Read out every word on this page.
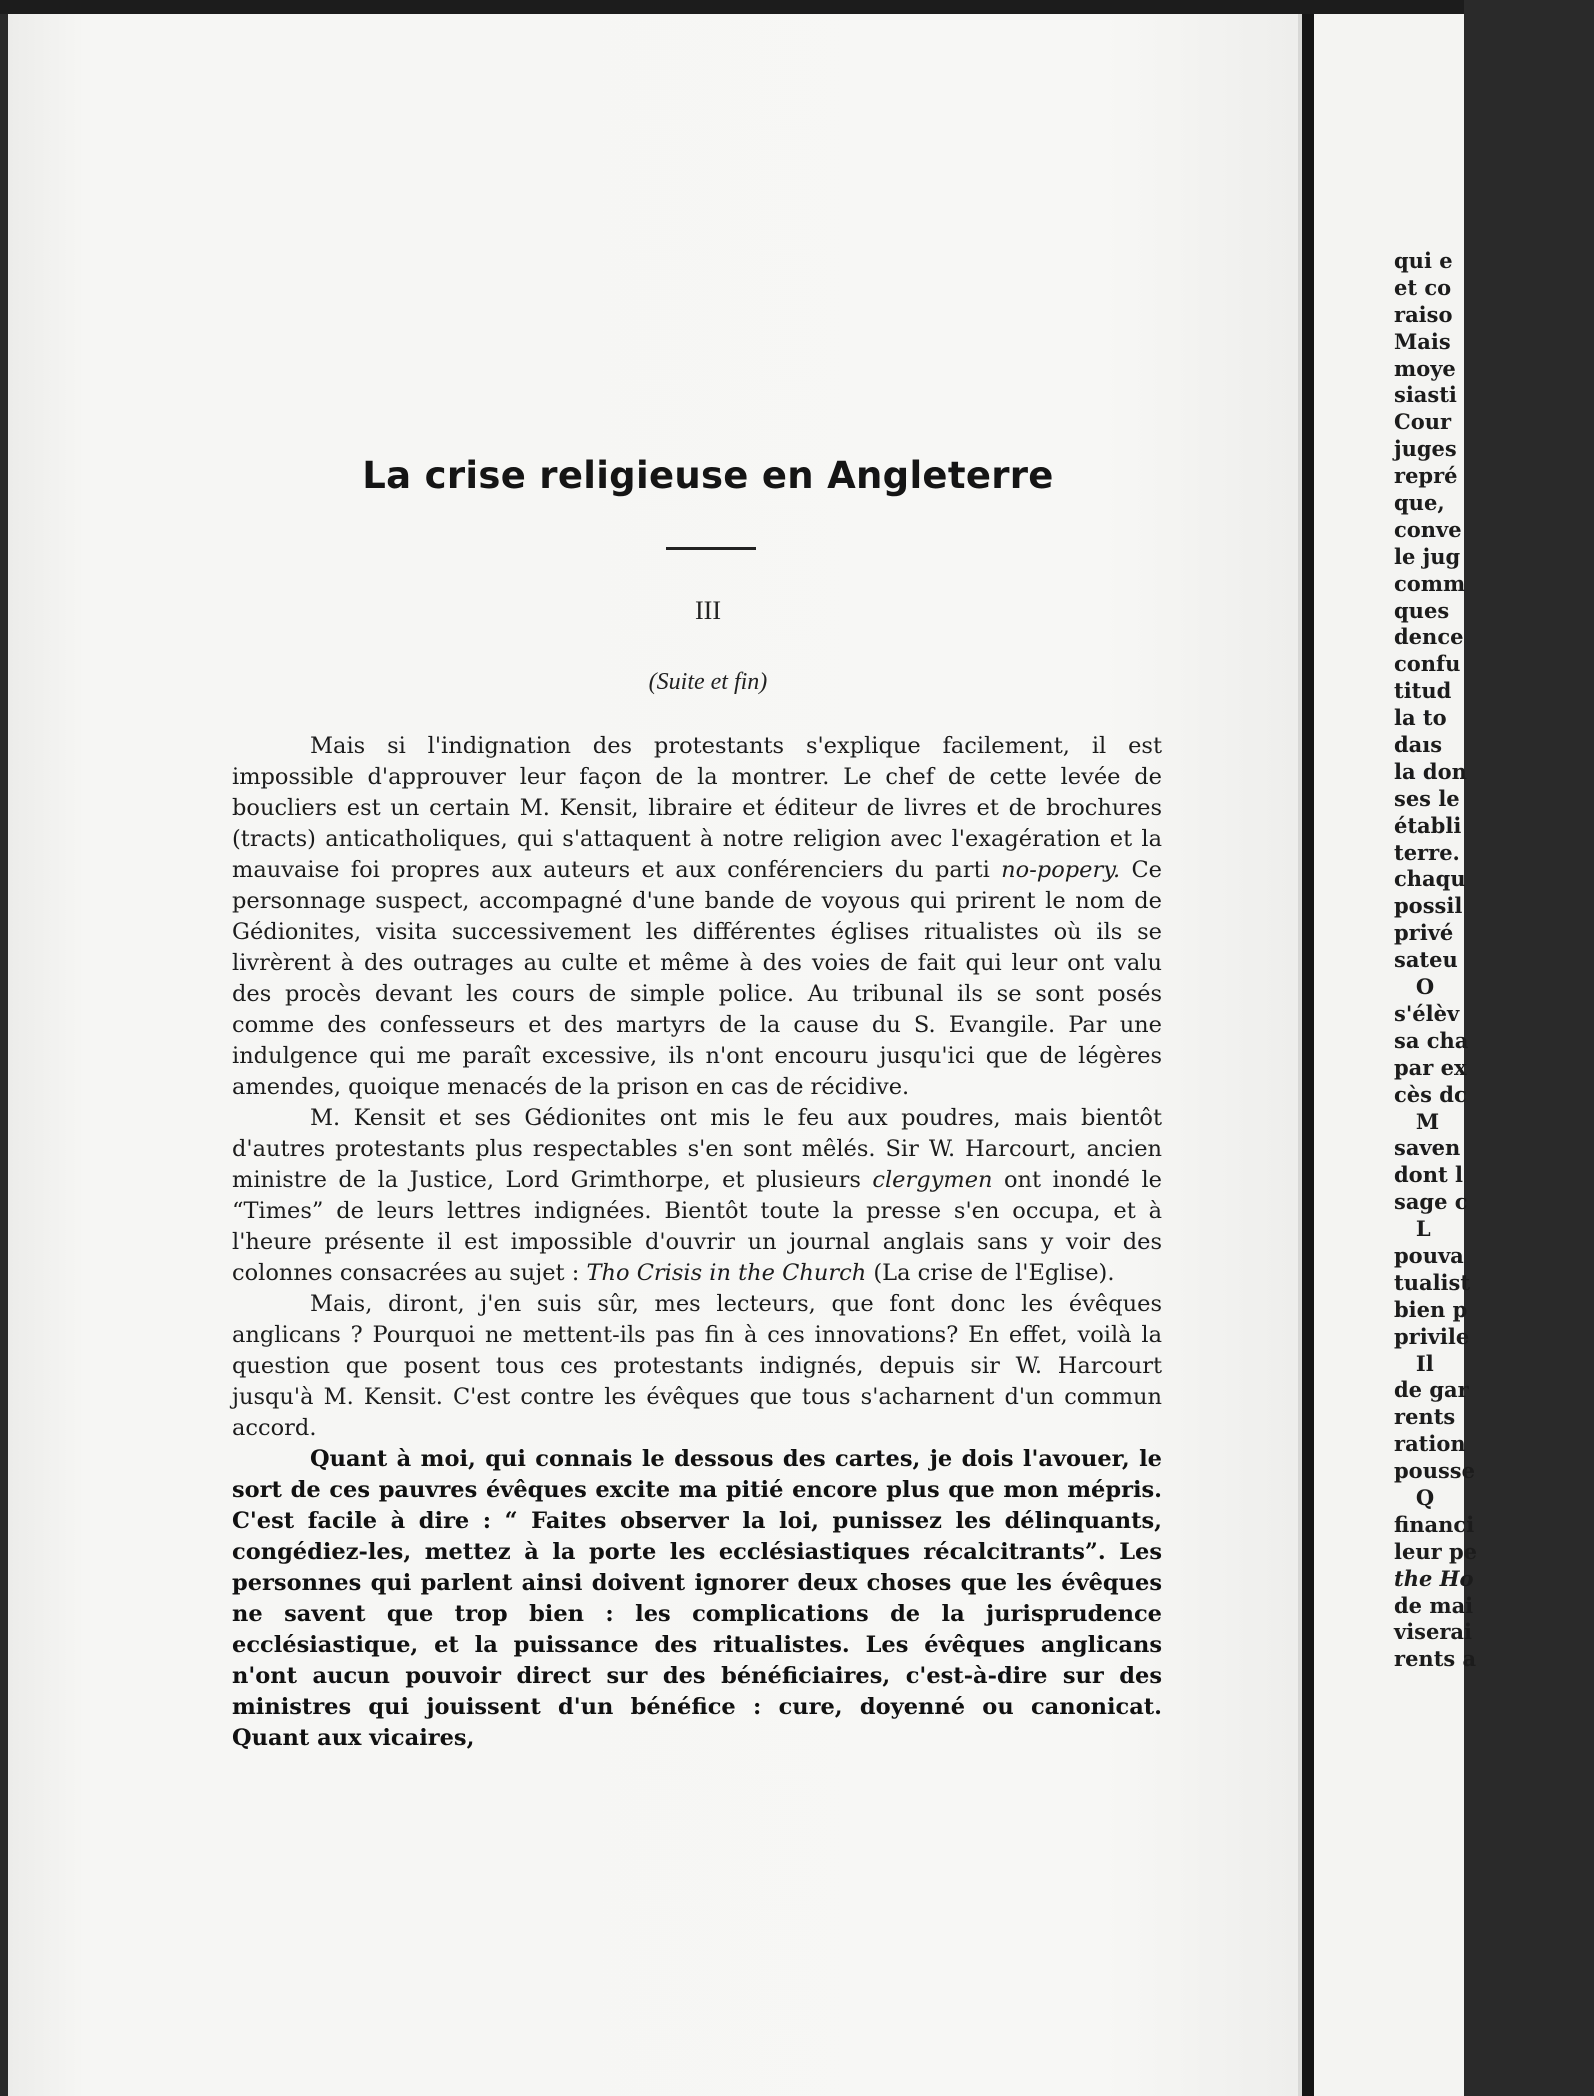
La crise religieuse en Angleterre
III
(Suite et fin)

Mais si l'indignation des protestants s'explique facilement, il est impossible d'approuver leur façon de la montrer. Le chef de cette levée de boucliers est un certain M. Kensit, libraire et éditeur de livres et de brochures (tracts) anticatholiques, qui s'attaquent à notre religion avec l'exagération et la mauvaise foi propres aux auteurs et aux conférenciers du parti no-popery. Ce personnage suspect, accompagné d'une bande de voyous qui prirent le nom de Gédionites, visita successivement les différentes églises ritualistes où ils se livrèrent à des outrages au culte et même à des voies de fait qui leur ont valu des procès devant les cours de simple police. Au tribunal ils se sont posés comme des confesseurs et des martyrs de la cause du S. Evangile. Par une indulgence qui me paraît excessive, ils n'ont encouru jusqu'ici que de légères amendes, quoique menacés de la prison en cas de récidive.

M. Kensit et ses Gédionites ont mis le feu aux poudres, mais bientôt d'autres protestants plus respectables s'en sont mêlés. Sir W. Harcourt, ancien ministre de la Justice, Lord Grimthorpe, et plusieurs clergymen ont inondé le “Times” de leurs lettres indignées. Bientôt toute la presse s'en occupa, et à l'heure présente il est impossible d'ouvrir un journal anglais sans y voir des colonnes consacrées au sujet : Tho Crisis in the Church (La crise de l'Eglise).

Mais, diront, j'en suis sûr, mes lecteurs, que font donc les évêques anglicans ? Pourquoi ne mettent-ils pas fin à ces innovations? En effet, voilà la question que posent tous ces protestants indignés, depuis sir W. Harcourt jusqu'à M. Kensit. C'est contre les évêques que tous s'acharnent d'un commun accord.

Quant à moi, qui connais le dessous des cartes, je dois l'avouer, le sort de ces pauvres évêques excite ma pitié encore plus que mon mépris. C'est facile à dire : “ Faites observer la loi, punissez les délinquants, congédiez-les, mettez à la porte les ecclésiastiques récalcitrants”. Les personnes qui parlent ainsi doivent ignorer deux choses que les évêques ne savent que trop bien : les complications de la jurisprudence ecclésiastique, et la puissance des ritualistes. Les évêques anglicans n'ont aucun pouvoir direct sur des bénéficiaires, c'est-à-dire sur des ministres qui jouissent d'un bénéfice : cure, doyenné ou canonicat. Quant aux vicaires,

qui e
et co
raiso
Mais
moye
siasti
Cour
juges
repré
que,
conve
le jug
comm
ques
dence
confu
titud
la to
daıs
la don
ses le
établi
terre.
chaqu
possil
privé
sateu
O
s'élèv
sa cha
par ex
cès dc
M
saven
dont l
sage c
L
pouva
tualist
bien p
privile
Il
de gar
rents
ration
pousse
Q
financi
leur pe
the Ho
de mai
viserai
rents a
